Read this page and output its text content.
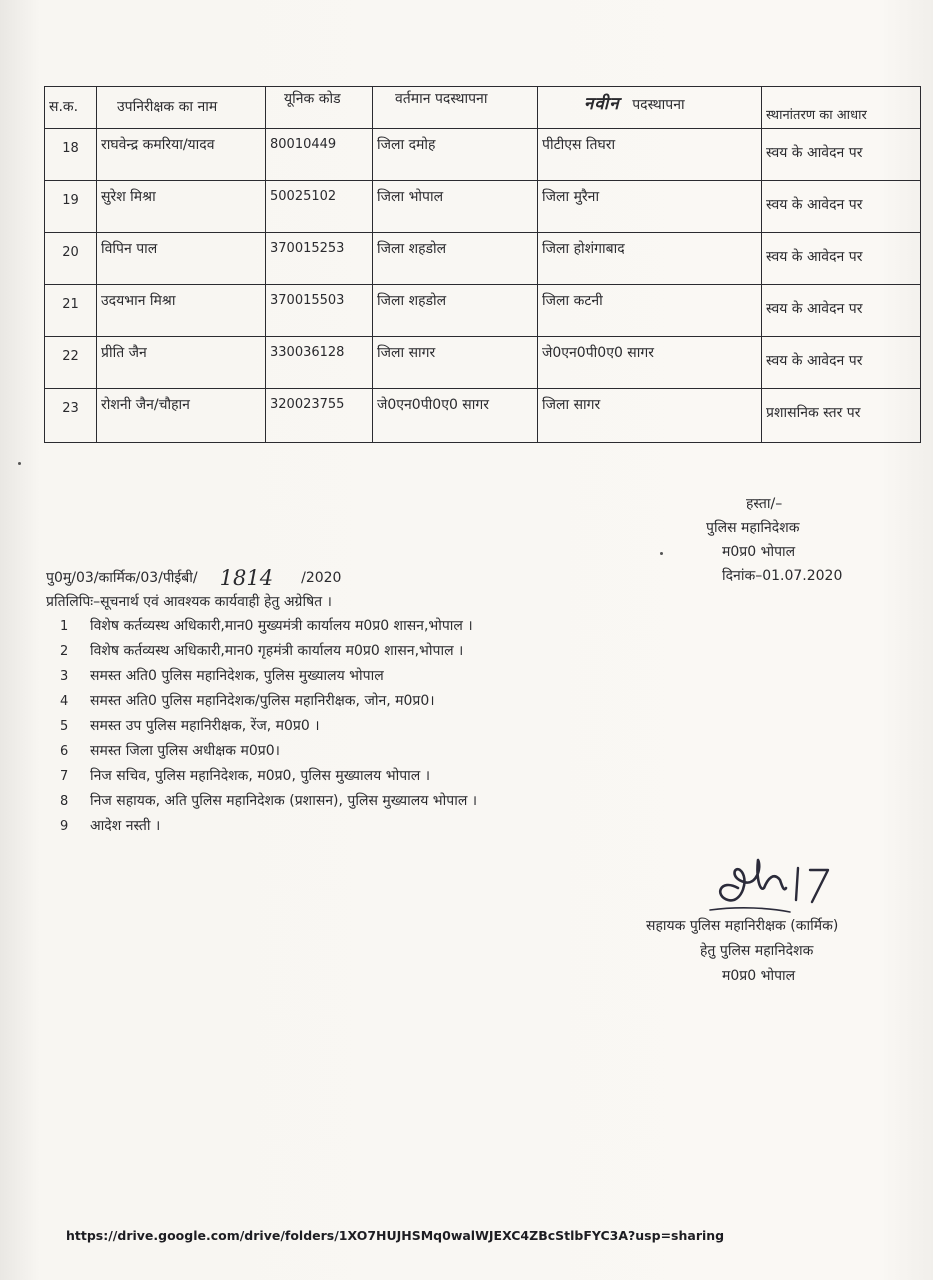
स.क.	उपनिरीक्षक का नाम	यूनिक कोड	वर्तमान पदस्थापना	नवीन पदस्थापना	स्थानांतरण का आधार
18	राघवेन्द्र कमरिया/यादव	80010449	जिला दमोह	पीटीएस तिघरा	स्वय के आवेदन पर
19	सुरेश मिश्रा	50025102	जिला भोपाल	जिला मुरैना	स्वय के आवेदन पर
20	विपिन पाल	370015253	जिला शहडोल	जिला होशंगाबाद	स्वय के आवेदन पर
21	उदयभान मिश्रा	370015503	जिला शहडोल	जिला कटनी	स्वय के आवेदन पर
22	प्रीति जैन	330036128	जिला सागर	जे0एन0पी0ए0 सागर	स्वय के आवेदन पर
23	रोशनी जैन/चौहान	320023755	जे0एन0पी0ए0 सागर	जिला सागर	प्रशासनिक स्तर पर
हस्ता/–
पुलिस महानिदेशक
म0प्र0 भोपाल
दिनांक–01.07.2020
पु0मु/03/कार्मिक/03/पीईबी/ 1814 /2020
प्रतिलिपिः–सूचनार्थ एवं आवश्यक कार्यवाही हेतु अग्रेषित ।
1 विशेष कर्तव्यस्थ अधिकारी,मान0 मुख्यमंत्री कार्यालय म0प्र0 शासन,भोपाल ।
2 विशेष कर्तव्यस्थ अधिकारी,मान0 गृहमंत्री कार्यालय म0प्र0 शासन,भोपाल ।
3 समस्त अति0 पुलिस महानिदेशक, पुलिस मुख्यालय भोपाल
4 समस्त अति0 पुलिस महानिदेशक/पुलिस महानिरीक्षक, जोन, म0प्र0।
5 समस्त उप पुलिस महानिरीक्षक, रेंज, म0प्र0 ।
6 समस्त जिला पुलिस अधीक्षक म0प्र0।
7 निज सचिव, पुलिस महानिदेशक, म0प्र0, पुलिस मुख्यालय भोपाल ।
8 निज सहायक, अति पुलिस महानिदेशक (प्रशासन), पुलिस मुख्यालय भोपाल ।
9 आदेश नस्ती ।
सहायक पुलिस महानिरीक्षक (कार्मिक)
हेतु पुलिस महानिदेशक
म0प्र0 भोपाल
https://drive.google.com/drive/folders/1XO7HUJHSMq0walWJEXC4ZBcStlbFYC3A?usp=sharing
